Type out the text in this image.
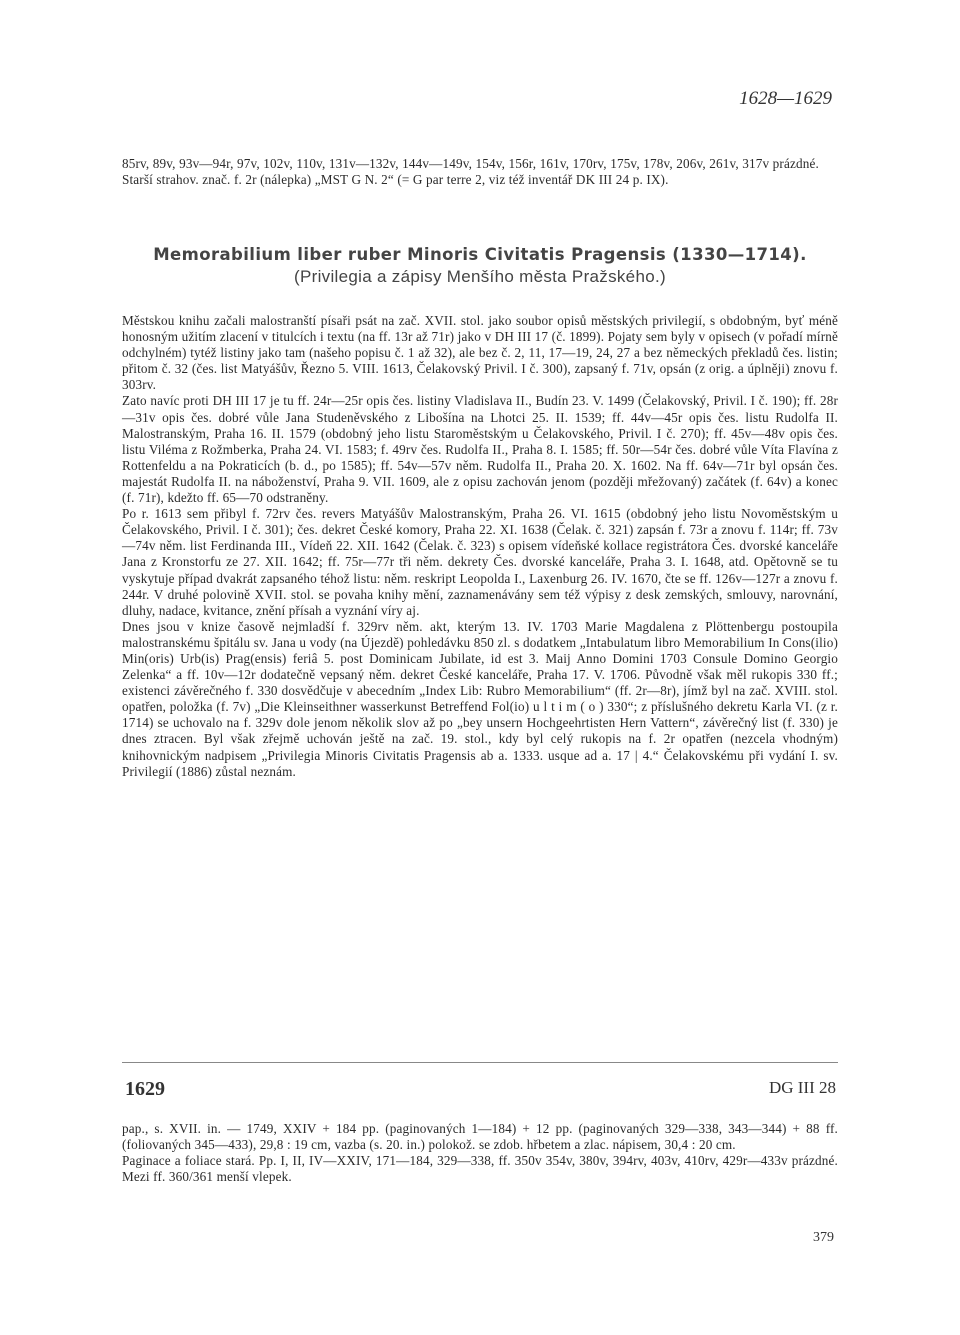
1628—1629

85rv, 89v, 93v—94r, 97v, 102v, 110v, 131v—132v, 144v—149v, 154v, 156r, 161v, 170rv, 175v, 178v, 206v, 261v, 317v prázdné.

Starší strahov. znač. f. 2r (nálepka) „MST G N. 2“ (= G par terre 2, viz též inventář DK III 24 p. IX).

Memorabilium liber ruber Minoris Civitatis Pragensis (1330—1714).
(Privilegia a zápisy Menšího města Pražského.)

Městskou knihu začali malostranští písaři psát na zač. XVII. stol. jako soubor opisů městských privilegií, s obdobným, byť méně honosným užitím zlacení v titulcích i textu (na ff. 13r až 71r) jako v DH III 17 (č. 1899). Pojaty sem byly v opisech (v pořadí mírně odchylném) tytéž listiny jako tam (našeho popisu č. 1 až 32), ale bez č. 2, 11, 17—19, 24, 27 a bez německých překladů čes. listin; přitom č. 32 (čes. list Matyášův, Řezno 5. VIII. 1613, Čelakovský Privil. I č. 300), zapsaný f. 71v, opsán (z orig. a úplněji) znovu f. 303rv.

Zato navíc proti DH III 17 je tu ff. 24r—25r opis čes. listiny Vladislava II., Budín 23. V. 1499 (Čelakovský, Privil. I č. 190); ff. 28r—31v opis čes. dobré vůle Jana Studeněvského z Libošína na Lhotci 25. II. 1539; ff. 44v—45r opis čes. listu Rudolfa II. Malostranským, Praha 16. II. 1579 (obdobný jeho listu Staroměstským u Čelakovského, Privil. I č. 270); ff. 45v—48v opis čes. listu Viléma z Rožmberka, Praha 24. VI. 1583; f. 49rv čes. Rudolfa II., Praha 8. I. 1585; ff. 50r—54r čes. dobré vůle Víta Flavína z Rottenfeldu a na Pokraticích (b. d., po 1585); ff. 54v—57v něm. Rudolfa II., Praha 20. X. 1602. Na ff. 64v—71r byl opsán čes. majestát Rudolfa II. na náboženství, Praha 9. VII. 1609, ale z opisu zachován jenom (později mřežovaný) začátek (f. 64v) a konec (f. 71r), kdežto ff. 65—70 odstraněny.

Po r. 1613 sem přibyl f. 72rv čes. revers Matyášův Malostranským, Praha 26. VI. 1615 (obdobný jeho listu Novoměstským u Čelakovského, Privil. I č. 301); čes. dekret České komory, Praha 22. XI. 1638 (Čelak. č. 321) zapsán f. 73r a znovu f. 114r; ff. 73v—74v něm. list Ferdinanda III., Vídeň 22. XII. 1642 (Čelak. č. 323) s opisem vídeňské kollace registrátora Čes. dvorské kanceláře Jana z Kronstorfu ze 27. XII. 1642; ff. 75r—77r tři něm. dekrety Čes. dvorské kanceláře, Praha 3. I. 1648, atd. Opětovně se tu vyskytuje případ dvakrát zapsaného téhož listu: něm. reskript Leopolda I., Laxenburg 26. IV. 1670, čte se ff. 126v—127r a znovu f. 244r. V druhé polovině XVII. stol. se povaha knihy mění, zaznamenávány sem též výpisy z desk zemských, smlouvy, narovnání, dluhy, nadace, kvitance, znění přísah a vyznání víry aj.

Dnes jsou v knize časově nejmladší f. 329rv něm. akt, kterým 13. IV. 1703 Marie Magdalena z Plöttenbergu postoupila malostranskému špitálu sv. Jana u vody (na Újezdě) pohledávku 850 zl. s dodatkem „Intabulatum libro Memorabilium In Cons(ilio) Min(oris) Urb(is) Prag(ensis) feriâ 5. post Dominicam Jubilate, id est 3. Maij Anno Domini 1703 Consule Domino Georgio Zelenka“ a ff. 10v—12r dodatečně vepsaný něm. dekret České kanceláře, Praha 17. V. 1706. Původně však měl rukopis 330 ff.; existenci závěrečného f. 330 dosvědčuje v abecedním „Index Lib: Rubro Memorabilium“ (ff. 2r—8r), jímž byl na zač. XVIII. stol. opatřen, položka (f. 7v) „Die Kleinseithner wasserkunst Betreffend Fol(io) u l t i m ( o ) 330“; z příslušného dekretu Karla VI. (z r. 1714) se uchovalo na f. 329v dole jenom několik slov až po „bey unsern Hochgeehrtisten Hern Vattern“, závěrečný list (f. 330) je dnes ztracen. Byl však zřejmě uchován ještě na zač. 19. stol., kdy byl celý rukopis na f. 2r opatřen (nezcela vhodným) knihovnickým nadpisem „Privilegia Minoris Civitatis Pragensis ab a. 1333. usque ad a. 17 | 4.“ Čelakovskému při vydání I. sv. Privilegií (1886) zůstal neznám.

1629	DG III 28

pap., s. XVII. in. — 1749, XXIV + 184 pp. (paginovaných 1—184) + 12 pp. (paginovaných 329—338, 343—344) + 88 ff. (foliovaných 345—433), 29,8 : 19 cm, vazba (s. 20. in.) polokož. se zdob. hřbetem a zlac. nápisem, 30,4 : 20 cm.

Paginace a foliace stará. Pp. I, II, IV—XXIV, 171—184, 329—338, ff. 350v 354v, 380v, 394rv, 403v, 410rv, 429r—433v prázdné. Mezi ff. 360/361 menší vlepek.

379
